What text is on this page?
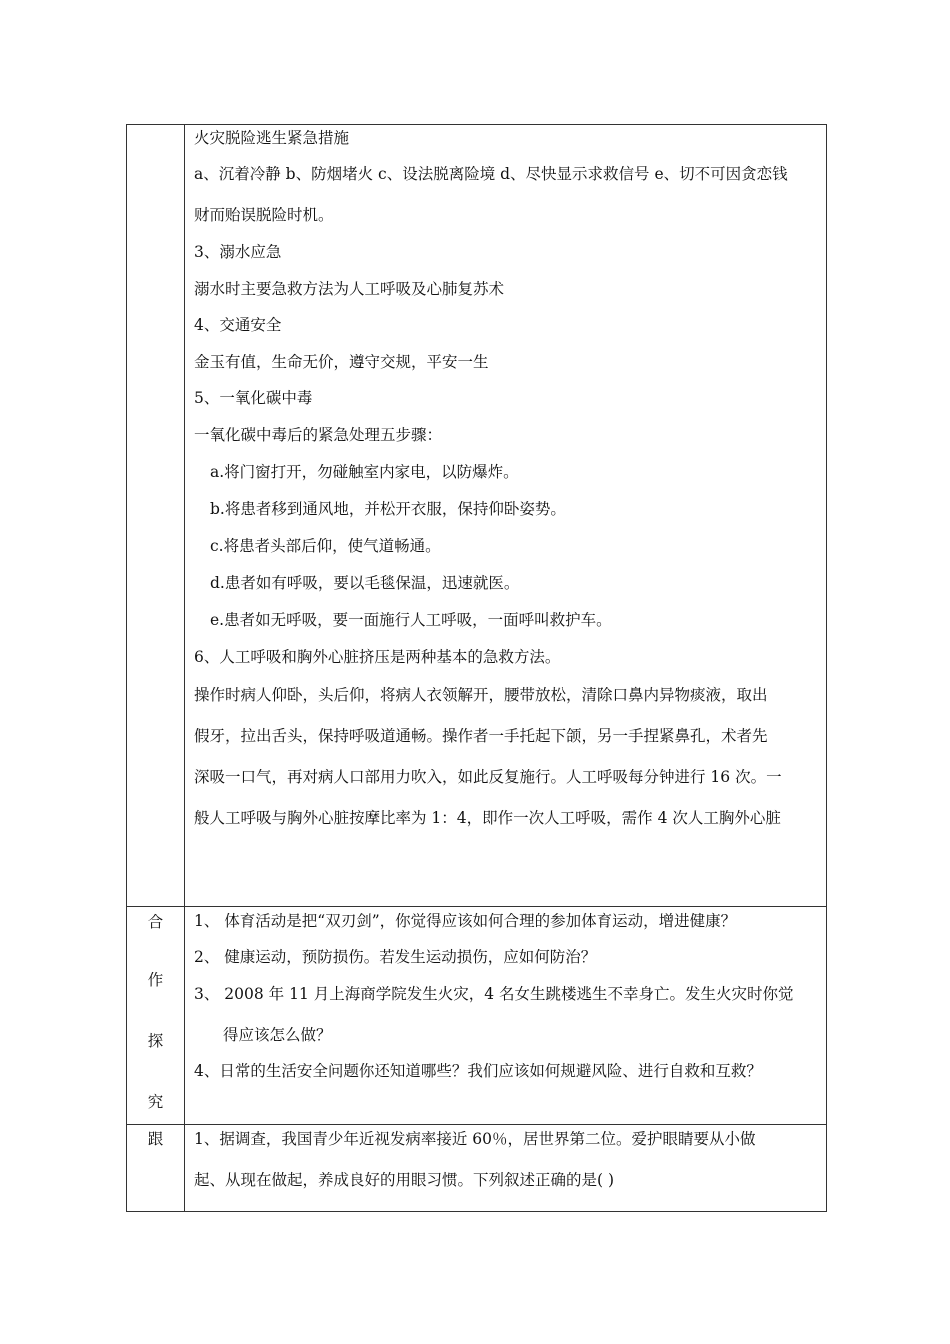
火灾脱险逃生紧急措施
a、沉着冷静 b、防烟堵火 c、设法脱离险境 d、尽快显示求救信号 e、切不可因贪恋钱
财而贻误脱险时机。
3、溺水应急
溺水时主要急救方法为人工呼吸及心肺复苏术
4、交通安全
金玉有值，生命无价，遵守交规，平安一生
5、一氧化碳中毒
一氧化碳中毒后的紧急处理五步骤：
a.将门窗打开，勿碰触室内家电，以防爆炸。
b.将患者移到通风地，并松开衣服，保持仰卧姿势。
c.将患者头部后仰，使气道畅通。
d.患者如有呼吸，要以毛毯保温，迅速就医。
e.患者如无呼吸，要一面施行人工呼吸，一面呼叫救护车。
6、人工呼吸和胸外心脏挤压是两种基本的急救方法。
操作时病人仰卧，头后仰，将病人衣领解开，腰带放松，清除口鼻内异物痰液，取出
假牙，拉出舌头，保持呼吸道通畅。操作者一手托起下颌，另一手捏紧鼻孔，术者先
深吸一口气，再对病人口部用力吹入，如此反复施行。人工呼吸每分钟进行 16 次。一
般人工呼吸与胸外心脏按摩比率为 1：4，即作一次人工呼吸，需作 4 次人工胸外心脏
合
作
探
究
1、 体育活动是把“双刃剑”，你觉得应该如何合理的参加体育运动，增进健康？
2、 健康运动，预防损伤。若发生运动损伤，应如何防治？
3、 2008 年 11 月上海商学院发生火灾，4 名女生跳楼逃生不幸身亡。发生火灾时你觉
得应该怎么做？
4、日常的生活安全问题你还知道哪些？我们应该如何规避风险、进行自救和互救？
跟	1、据调查，我国青少年近视发病率接近 60％，居世界第二位。爱护眼睛要从小做
起、从现在做起，养成良好的用眼习惯。下列叙述正确的是( )
